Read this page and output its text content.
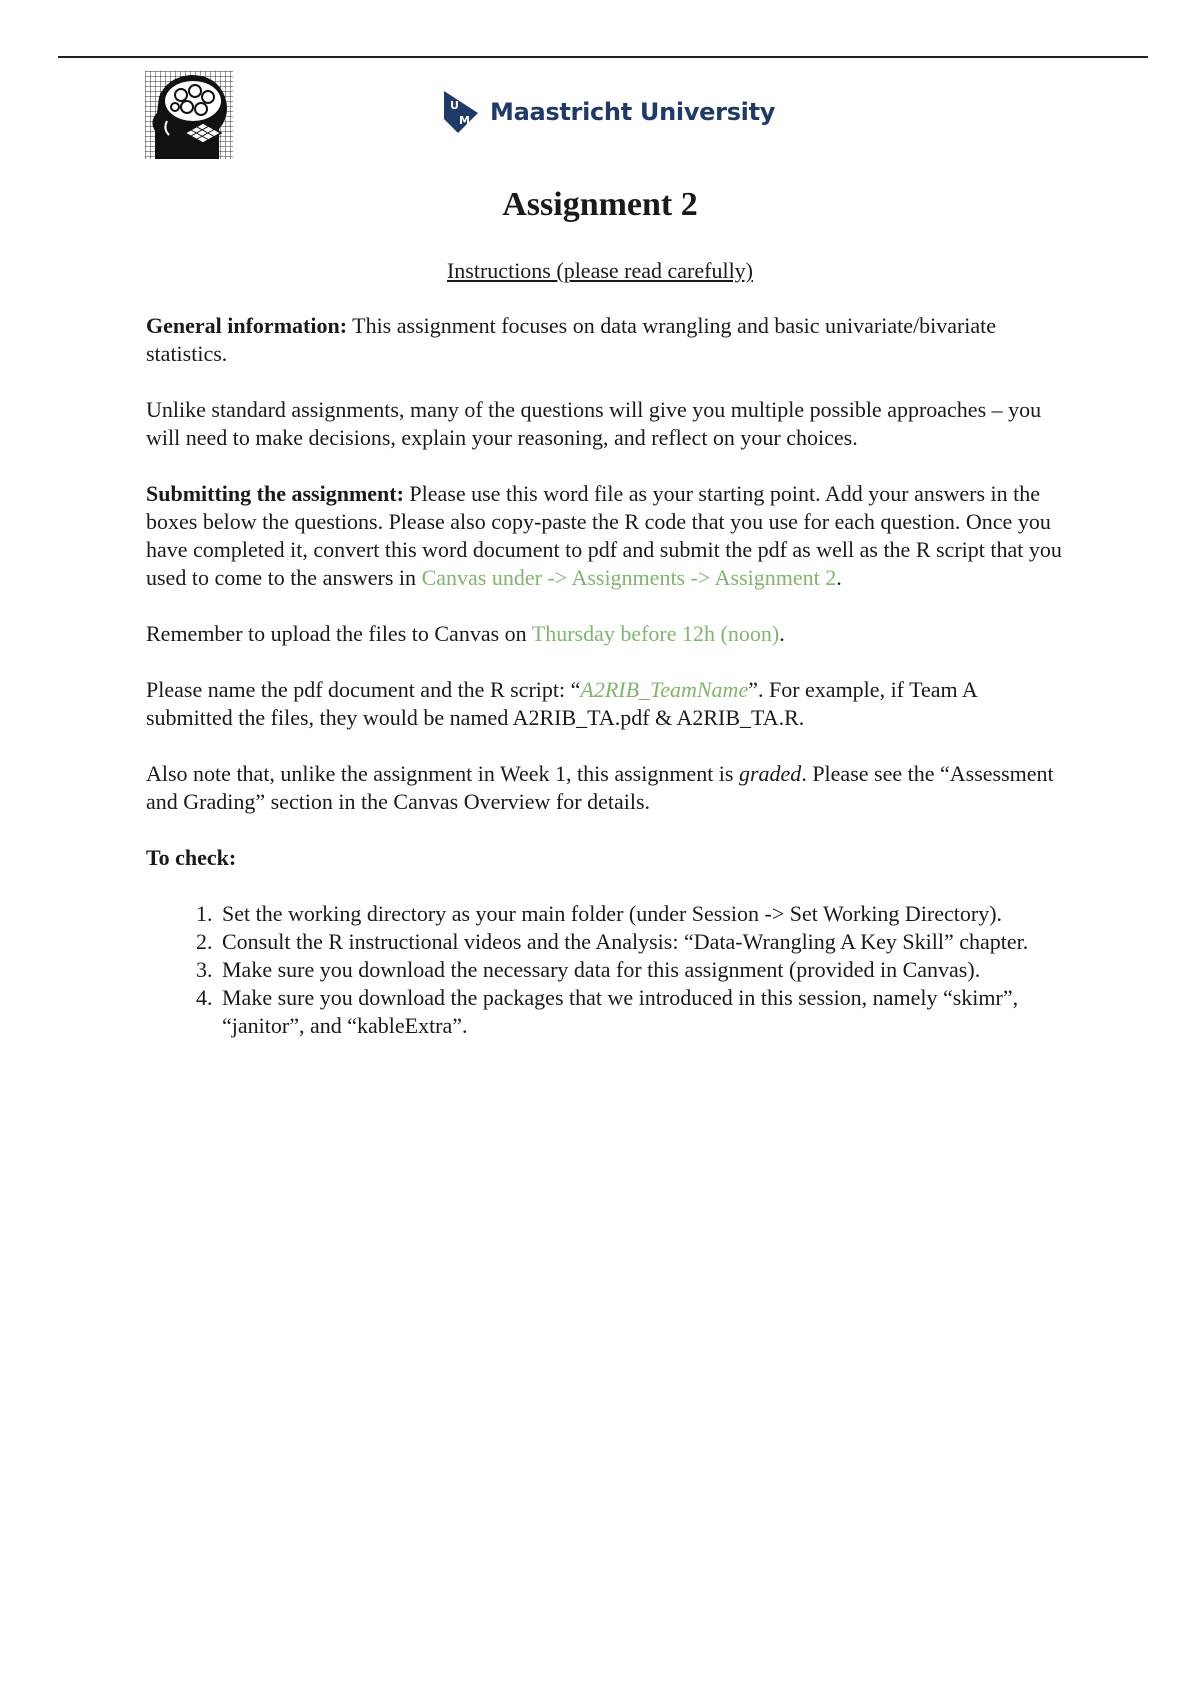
U
M Maastricht University
Assignment 2
Instructions (please read carefully)

General information: This assignment focuses on data wrangling and basic univariate/bivariate statistics.

Unlike standard assignments, many of the questions will give you multiple possible approaches – you will need to make decisions, explain your reasoning, and reflect on your choices.

Submitting the assignment: Please use this word file as your starting point. Add your answers in the boxes below the questions. Please also copy-paste the R code that you use for each question. Once you have completed it, convert this word document to pdf and submit the pdf as well as the R script that you used to come to the answers in Canvas under -> Assignments -> Assignment 2.

Remember to upload the files to Canvas on Thursday before 12h (noon).

Please name the pdf document and the R script: “A2RIB_TeamName”. For example, if Team A submitted the files, they would be named A2RIB_TA.pdf & A2RIB_TA.R.

Also note that, unlike the assignment in Week 1, this assignment is graded. Please see the “Assessment and Grading” section in the Canvas Overview for details.

To check:

1. Set the working directory as your main folder (under Session -> Set Working Directory).
2. Consult the R instructional videos and the Analysis: “Data-Wrangling A Key Skill” chapter.
3. Make sure you download the necessary data for this assignment (provided in Canvas).
4. Make sure you download the packages that we introduced in this session, namely “skimr”, “janitor”, and “kableExtra”.
